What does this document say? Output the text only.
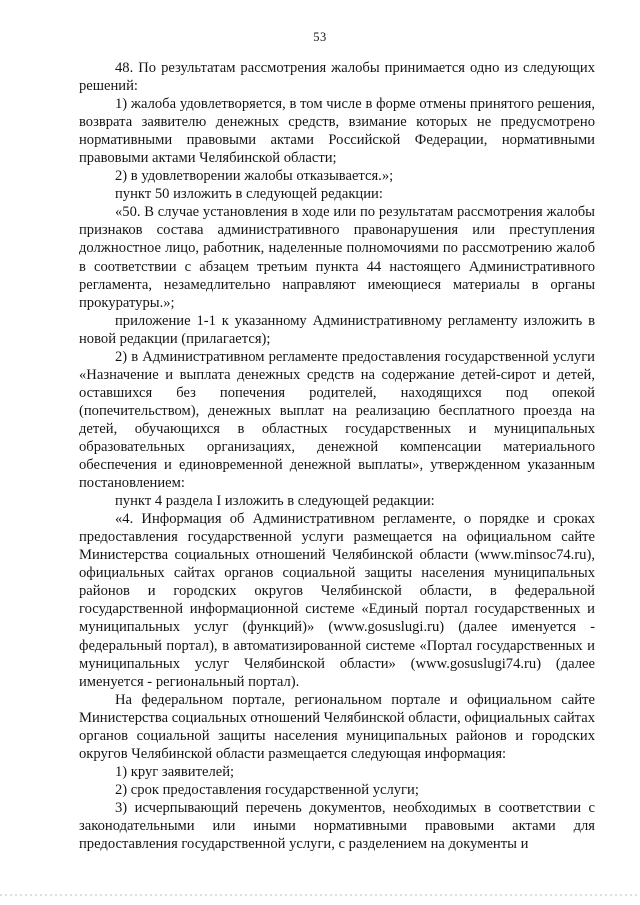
53

48. По результатам рассмотрения жалобы принимается одно из следующих решений:

1) жалоба удовлетворяется, в том числе в форме отмены принятого решения, возврата заявителю денежных средств, взимание которых не предусмотрено нормативными правовыми актами Российской Федерации, нормативными правовыми актами Челябинской области;

2) в удовлетворении жалобы отказывается.»;

пункт 50 изложить в следующей редакции:

«50. В случае установления в ходе или по результатам рассмотрения жалобы признаков состава административного правонарушения или преступления должностное лицо, работник, наделенные полномочиями по рассмотрению жалоб в соответствии с абзацем третьим пункта 44 настоящего Административного регламента, незамедлительно направляют имеющиеся материалы в органы прокуратуры.»;

приложение 1-1 к указанному Административному регламенту изложить в новой редакции (прилагается);

2) в Административном регламенте предоставления государственной услуги «Назначение и выплата денежных средств на содержание детей-сирот и детей, оставшихся без попечения родителей, находящихся под опекой (попечительством), денежных выплат на реализацию бесплатного проезда на детей, обучающихся в областных государственных и муниципальных образовательных организациях, денежной компенсации материального обеспечения и единовременной денежной выплаты», утвержденном указанным постановлением:

пункт 4 раздела I изложить в следующей редакции:

«4. Информация об Административном регламенте, о порядке и сроках предоставления государственной услуги размещается на официальном сайте Министерства социальных отношений Челябинской области (www.minsoc74.ru), официальных сайтах органов социальной защиты населения муниципальных районов и городских округов Челябинской области, в федеральной государственной информационной системе «Единый портал государственных и муниципальных услуг (функций)» (www.gosuslugi.ru) (далее именуется - федеральный портал), в автоматизированной системе «Портал государственных и муниципальных услуг Челябинской области» (www.gosuslugi74.ru) (далее именуется - региональный портал).

На федеральном портале, региональном портале и официальном сайте Министерства социальных отношений Челябинской области, официальных сайтах органов социальной защиты населения муниципальных районов и городских округов Челябинской области размещается следующая информация:

1) круг заявителей;

2) срок предоставления государственной услуги;

3) исчерпывающий перечень документов, необходимых в соответствии с законодательными или иными нормативными правовыми актами для предоставления государственной услуги, с разделением на документы и
